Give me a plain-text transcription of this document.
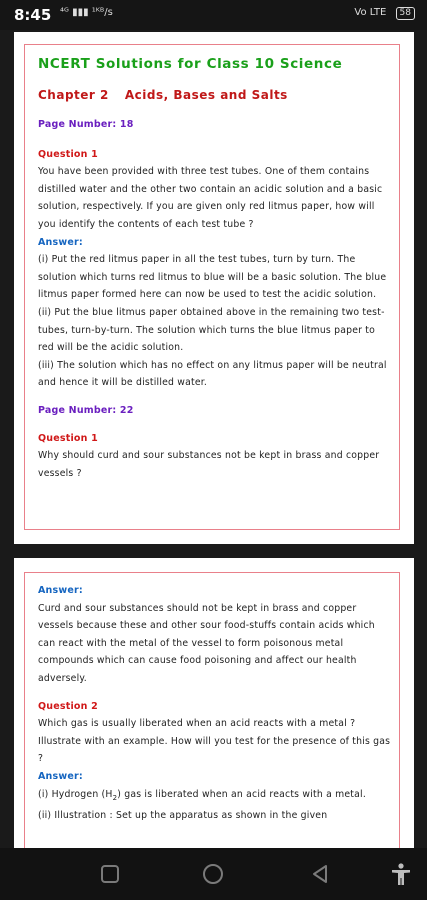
8:45 ⁴ᴳ ▮▮▮ ¹ᴷᴮ/s	Vo LTE 58
NCERT Solutions for Class 10 Science
Chapter 2 Acids, Bases and Salts
Page Number: 18
Question 1

You have been provided with three test tubes. One of them contains distilled water and the other two contain an acidic solution and a basic solution, respectively. If you are given only red litmus paper, how will you identify the contents of each test tube ?

Answer:

(i) Put the red litmus paper in all the test tubes, turn by turn. The solution which turns red litmus to blue will be a basic solution. The blue litmus paper formed here can now be used to test the acidic solution.

(ii) Put the blue litmus paper obtained above in the remaining two test-tubes, turn-by-turn. The solution which turns the blue litmus paper to red will be the acidic solution.

(iii) The solution which has no effect on any litmus paper will be neutral and hence it will be distilled water.

Page Number: 22
Question 1

Why should curd and sour substances not be kept in brass and copper vessels ?

Answer:

Curd and sour substances should not be kept in brass and copper vessels because these and other sour food-stuffs contain acids which can react with the metal of the vessel to form poisonous metal compounds which can cause food poisoning and affect our health adversely.

Question 2

Which gas is usually liberated when an acid reacts with a metal ? Illustrate with an example. How will you test for the presence of this gas ?

Answer:

(i) Hydrogen $(H_2)$ gas is liberated when an acid reacts with a metal.

(ii) Illustration : Set up the apparatus as shown in the given
